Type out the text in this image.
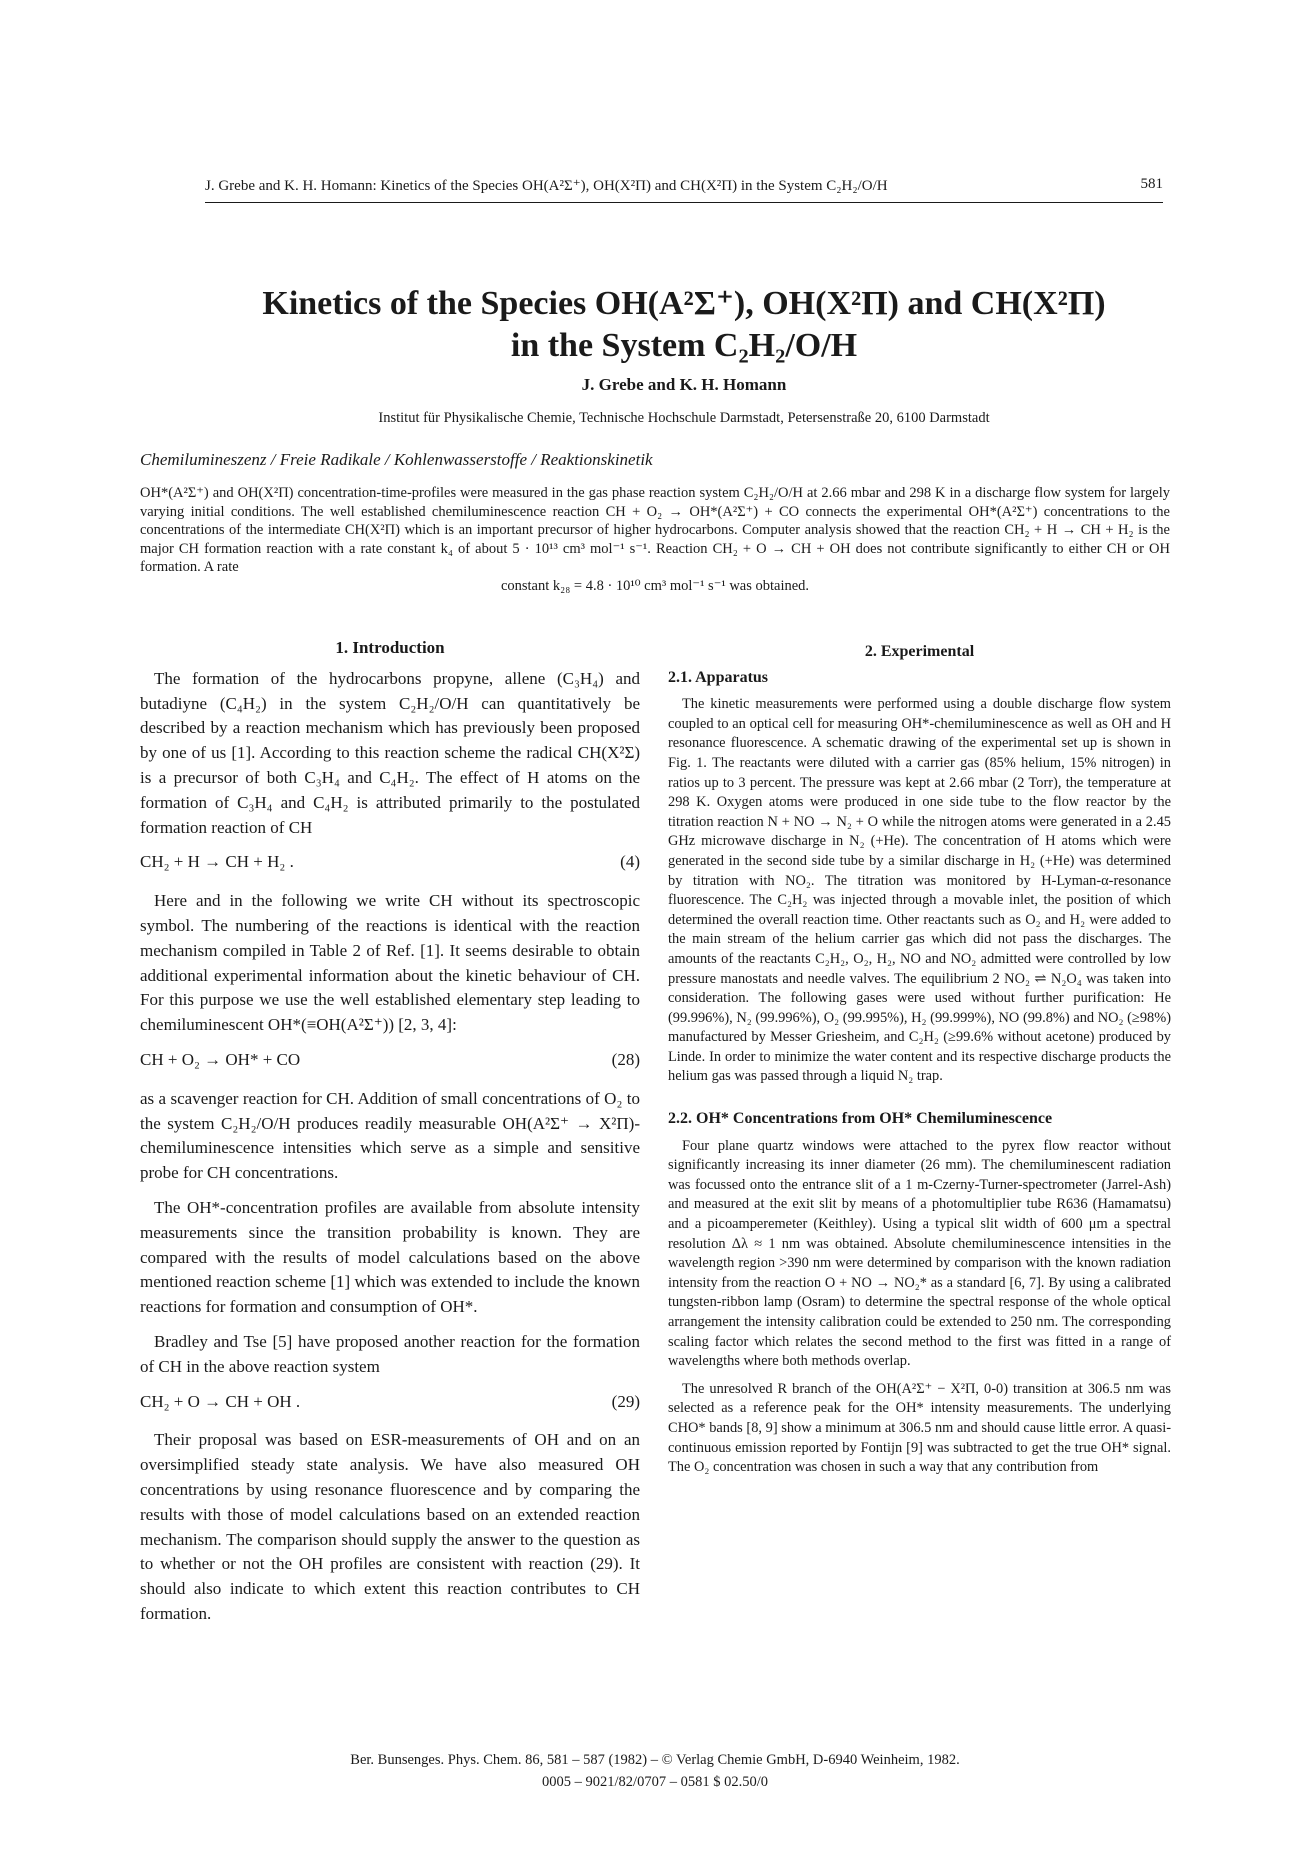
J. Grebe and K. H. Homann: Kinetics of the Species OH(A²Σ⁺), OH(X²Π) and CH(X²Π) in the System C₂H₂/O/H	581
Kinetics of the Species OH(A²Σ⁺), OH(X²Π) and CH(X²Π)
in the System C₂H₂/O/H
J. Grebe and K. H. Homann
Institut für Physikalische Chemie, Technische Hochschule Darmstadt, Petersenstraße 20, 6100 Darmstadt
Chemilumineszenz / Freie Radikale / Kohlenwasserstoffe / Reaktionskinetik
OH*(A²Σ⁺) and OH(X²Π) concentration-time-profiles were measured in the gas phase reaction system C₂H₂/O/H at 2.66 mbar and 298 K in a discharge flow system for largely varying initial conditions. The well established chemiluminescence reaction CH + O₂ → OH*(A²Σ⁺) + CO connects the experimental OH*(A²Σ⁺) concentrations to the concentrations of the intermediate CH(X²Π) which is an important precursor of higher hydrocarbons. Computer analysis showed that the reaction CH₂ + H → CH + H₂ is the major CH formation reaction with a rate constant k₄ of about 5 · 10¹³ cm³ mol⁻¹ s⁻¹. Reaction CH₂ + O → CH + OH does not contribute significantly to either CH or OH formation. A rate
constant k₂₈ = 4.8 · 10¹⁰ cm³ mol⁻¹ s⁻¹ was obtained.
1. Introduction

The formation of the hydrocarbons propyne, allene (C₃H₄) and butadiyne (C₄H₂) in the system C₂H₂/O/H can quantitatively be described by a reaction mechanism which has previously been proposed by one of us [1]. According to this reaction scheme the radical CH(X²Σ) is a precursor of both C₃H₄ and C₄H₂. The effect of H atoms on the formation of C₃H₄ and C₄H₂ is attributed primarily to the postulated formation reaction of CH

CH₂ + H → CH + H₂ .	(4)

Here and in the following we write CH without its spectroscopic symbol. The numbering of the reactions is identical with the reaction mechanism compiled in Table 2 of Ref. [1]. It seems desirable to obtain additional experimental information about the kinetic behaviour of CH. For this purpose we use the well established elementary step leading to chemiluminescent OH*(≡OH(A²Σ⁺)) [2, 3, 4]:

CH + O₂ → OH* + CO	(28)

as a scavenger reaction for CH. Addition of small concentrations of O₂ to the system C₂H₂/O/H produces readily measurable OH(A²Σ⁺ → X²Π)-chemiluminescence intensities which serve as a simple and sensitive probe for CH concentrations.

The OH*-concentration profiles are available from absolute intensity measurements since the transition probability is known. They are compared with the results of model calculations based on the above mentioned reaction scheme [1] which was extended to include the known reactions for formation and consumption of OH*.

Bradley and Tse [5] have proposed another reaction for the formation of CH in the above reaction system

CH₂ + O → CH + OH .	(29)

Their proposal was based on ESR-measurements of OH and on an oversimplified steady state analysis. We have also measured OH concentrations by using resonance fluorescence and by comparing the results with those of model calculations based on an extended reaction mechanism. The comparison should supply the answer to the question as to whether or not the OH profiles are consistent with reaction (29). It should also indicate to which extent this reaction contributes to CH formation.

2. Experimental
2.1. Apparatus

The kinetic measurements were performed using a double discharge flow system coupled to an optical cell for measuring OH*-chemiluminescence as well as OH and H resonance fluorescence. A schematic drawing of the experimental set up is shown in Fig. 1. The reactants were diluted with a carrier gas (85% helium, 15% nitrogen) in ratios up to 3 percent. The pressure was kept at 2.66 mbar (2 Torr), the temperature at 298 K. Oxygen atoms were produced in one side tube to the flow reactor by the titration reaction N + NO → N₂ + O while the nitrogen atoms were generated in a 2.45 GHz microwave discharge in N₂ (+He). The concentration of H atoms which were generated in the second side tube by a similar discharge in H₂ (+He) was determined by titration with NO₂. The titration was monitored by H-Lyman-α-resonance fluorescence. The C₂H₂ was injected through a movable inlet, the position of which determined the overall reaction time. Other reactants such as O₂ and H₂ were added to the main stream of the helium carrier gas which did not pass the discharges. The amounts of the reactants C₂H₂, O₂, H₂, NO and NO₂ admitted were controlled by low pressure manostats and needle valves. The equilibrium 2 NO₂ ⇌ N₂O₄ was taken into consideration. The following gases were used without further purification: He (99.996%), N₂ (99.996%), O₂ (99.995%), H₂ (99.999%), NO (99.8%) and NO₂ (≥98%) manufactured by Messer Griesheim, and C₂H₂ (≥99.6% without acetone) produced by Linde. In order to minimize the water content and its respective discharge products the helium gas was passed through a liquid N₂ trap.

2.2. OH* Concentrations from OH* Chemiluminescence

Four plane quartz windows were attached to the pyrex flow reactor without significantly increasing its inner diameter (26 mm). The chemiluminescent radiation was focussed onto the entrance slit of a 1 m-Czerny-Turner-spectrometer (Jarrel-Ash) and measured at the exit slit by means of a photomultiplier tube R636 (Hamamatsu) and a picoamperemeter (Keithley). Using a typical slit width of 600 μm a spectral resolution Δλ ≈ 1 nm was obtained. Absolute chemiluminescence intensities in the wavelength region >390 nm were determined by comparison with the known radiation intensity from the reaction O + NO → NO₂* as a standard [6, 7]. By using a calibrated tungsten-ribbon lamp (Osram) to determine the spectral response of the whole optical arrangement the intensity calibration could be extended to 250 nm. The corresponding scaling factor which relates the second method to the first was fitted in a range of wavelengths where both methods overlap.

The unresolved R branch of the OH(A²Σ⁺ − X²Π, 0-0) transition at 306.5 nm was selected as a reference peak for the OH* intensity measurements. The underlying CHO* bands [8, 9] show a minimum at 306.5 nm and should cause little error. A quasi-continuous emission reported by Fontijn [9] was subtracted to get the true OH* signal. The O₂ concentration was chosen in such a way that any contribution from

Ber. Bunsenges. Phys. Chem. 86, 581 – 587 (1982) – © Verlag Chemie GmbH, D-6940 Weinheim, 1982.
0005 – 9021/82/0707 – 0581 $ 02.50/0
